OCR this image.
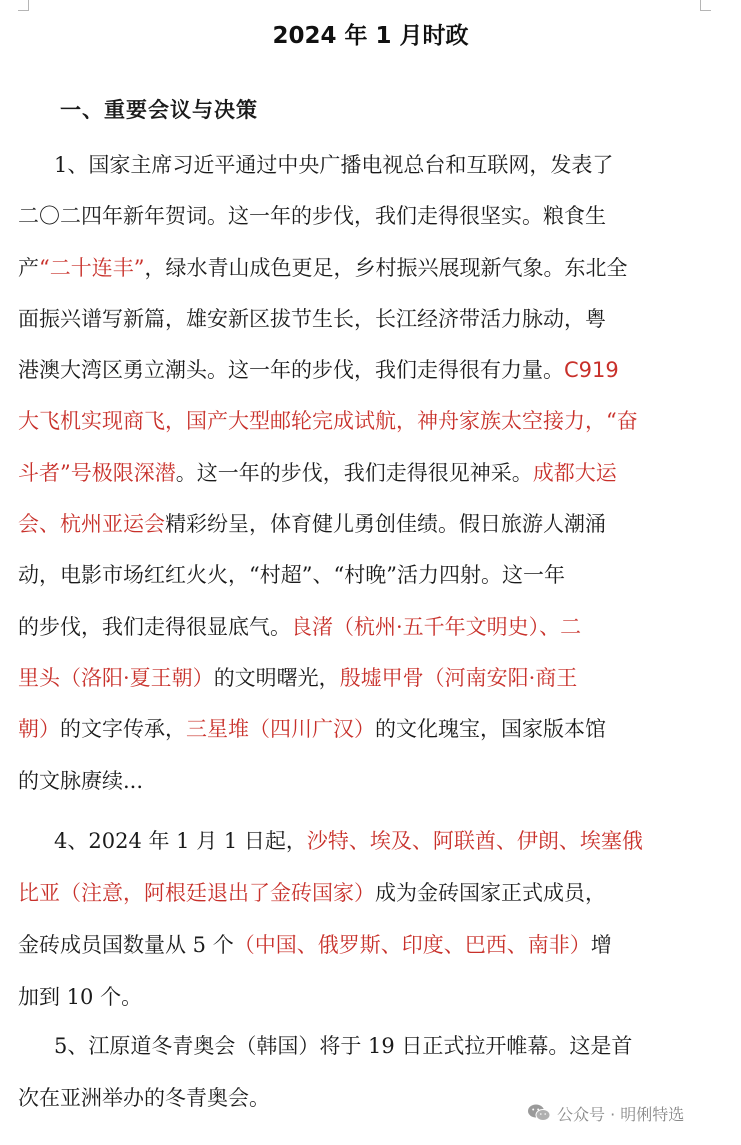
2024 年 1 月时政
一、重要会议与决策
1、国家主席习近平通过中央广播电视总台和互联网，发表了
二〇二四年新年贺词。这一年的步伐，我们走得很坚实。粮食生
产“二十连丰”，绿水青山成色更足，乡村振兴展现新气象。东北全
面振兴谱写新篇，雄安新区拔节生长，长江经济带活力脉动，粤
港澳大湾区勇立潮头。这一年的步伐，我们走得很有力量。C919
大飞机实现商飞，国产大型邮轮完成试航，神舟家族太空接力，“奋
斗者”号极限深潜。这一年的步伐，我们走得很见神采。成都大运
会、杭州亚运会精彩纷呈，体育健儿勇创佳绩。假日旅游人潮涌
动，电影市场红红火火，“村超”、“村晚”活力四射。这一年
的步伐，我们走得很显底气。良渚（杭州·五千年文明史）、二
里头（洛阳·夏王朝）的文明曙光，殷墟甲骨（河南安阳·商王
朝）的文字传承，三星堆（四川广汉）的文化瑰宝，国家版本馆
的文脉赓续...
4、2024 年 1 月 1 日起，沙特、埃及、阿联酋、伊朗、埃塞俄
比亚（注意，阿根廷退出了金砖国家）成为金砖国家正式成员，
金砖成员国数量从 5 个（中国、俄罗斯、印度、巴西、南非）增
加到 10 个。
5、江原道冬青奥会（韩国）将于 19 日正式拉开帷幕。这是首
次在亚洲举办的冬青奥会。
公众号 · 明俐特选
